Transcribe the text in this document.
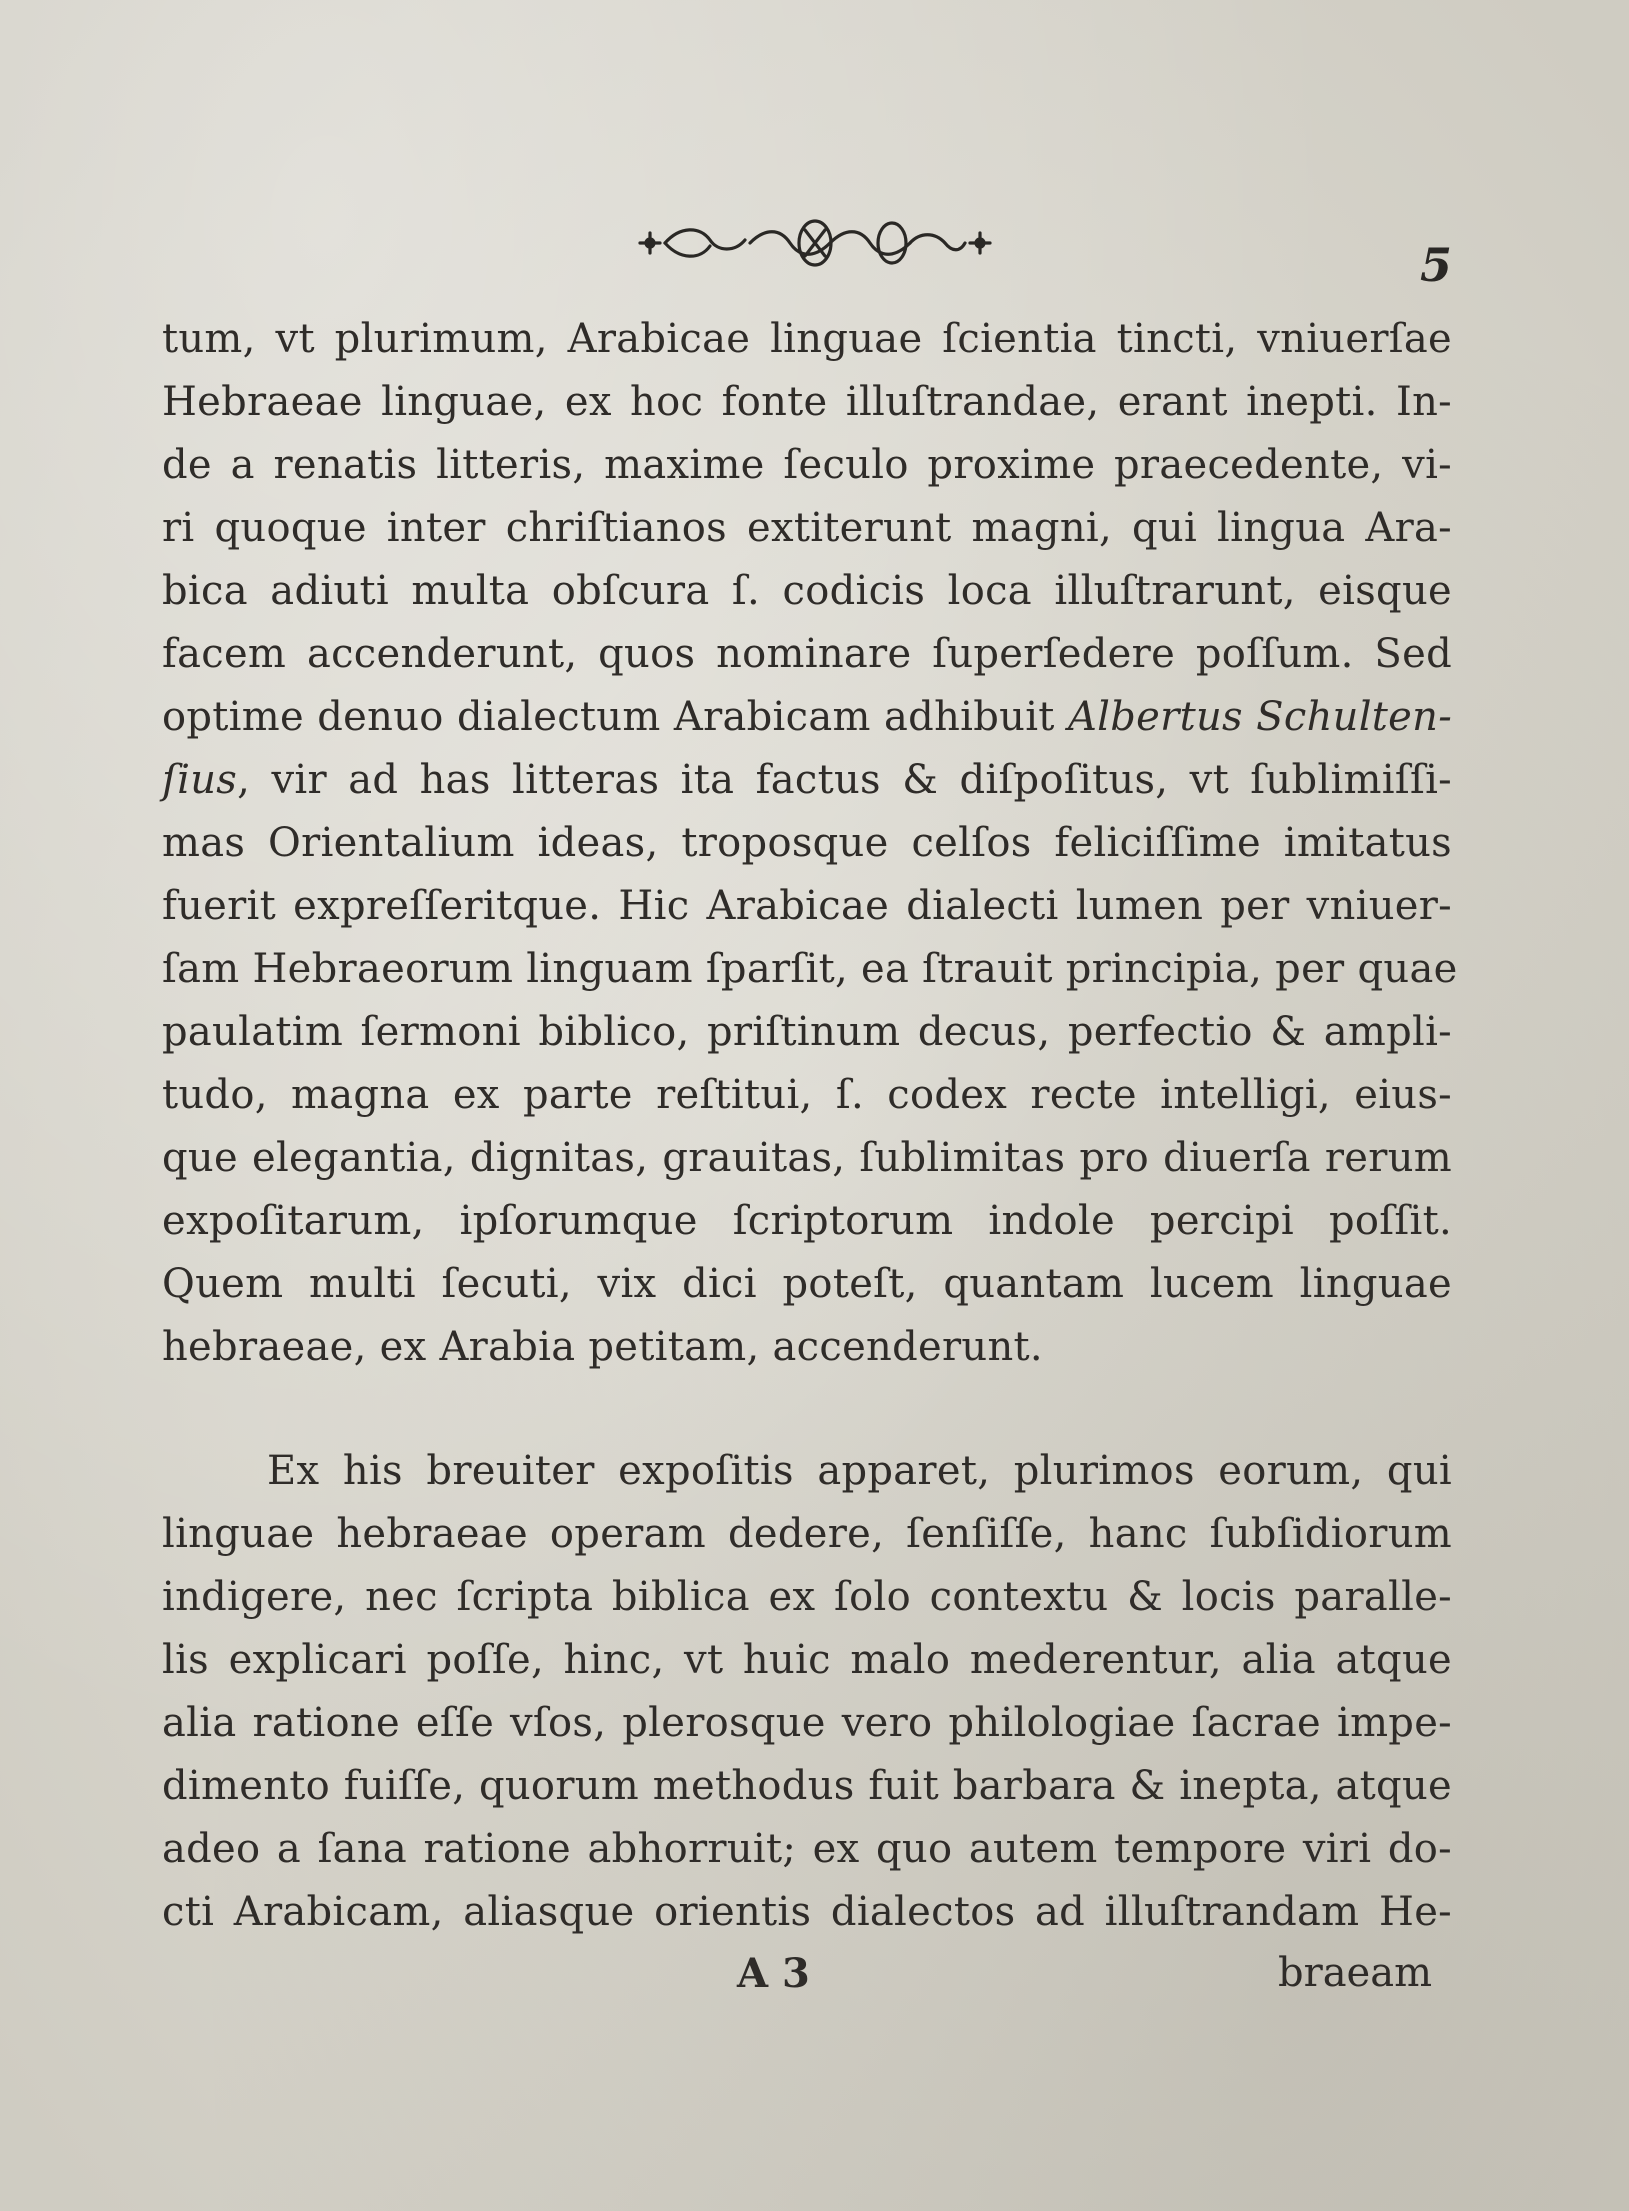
5
tum, vt plurimum, Arabicae linguae ſcientia tincti, vniuerſae
Hebraeae linguae, ex hoc fonte illuſtrandae, erant inepti. In-
de a renatis litteris, maxime ſeculo proxime praecedente, vi-
ri quoque inter chriſtianos extiterunt magni, qui lingua Ara-
bica adiuti multa obſcura ſ. codicis loca illuſtrarunt, eisque
facem accenderunt, quos nominare ſuperſedere poſſum. Sed
optime denuo dialectum Arabicam adhibuit Albertus Schulten-
ſius, vir ad has litteras ita factus & diſpoſitus, vt ſublimiſſi-
mas Orientalium ideas, troposque celſos feliciſſime imitatus
fuerit expreſſeritque. Hic Arabicae dialecti lumen per vniuer-
ſam Hebraeorum linguam ſparſit, ea ſtrauit principia, per quae
paulatim ſermoni biblico, priſtinum decus, perfectio & ampli-
tudo, magna ex parte reſtitui, ſ. codex recte intelligi, eius-
que elegantia, dignitas, grauitas, ſublimitas pro diuerſa rerum
expoſitarum, ipſorumque ſcriptorum indole percipi poſſit.
Quem multi ſecuti, vix dici poteſt, quantam lucem linguae
hebraeae, ex Arabia petitam, accenderunt.
Ex his breuiter expoſitis apparet, plurimos eorum, qui
linguae hebraeae operam dedere, ſenſiſſe, hanc ſubſidiorum
indigere, nec ſcripta biblica ex ſolo contextu & locis paralle-
lis explicari poſſe, hinc, vt huic malo mederentur, alia atque
alia ratione eſſe vſos, plerosque vero philologiae ſacrae impe-
dimento fuiſſe, quorum methodus fuit barbara & inepta, atque
adeo a ſana ratione abhorruit; ex quo autem tempore viri do-
cti Arabicam, aliasque orientis dialectos ad illuſtrandam He-
A 3	braeam
